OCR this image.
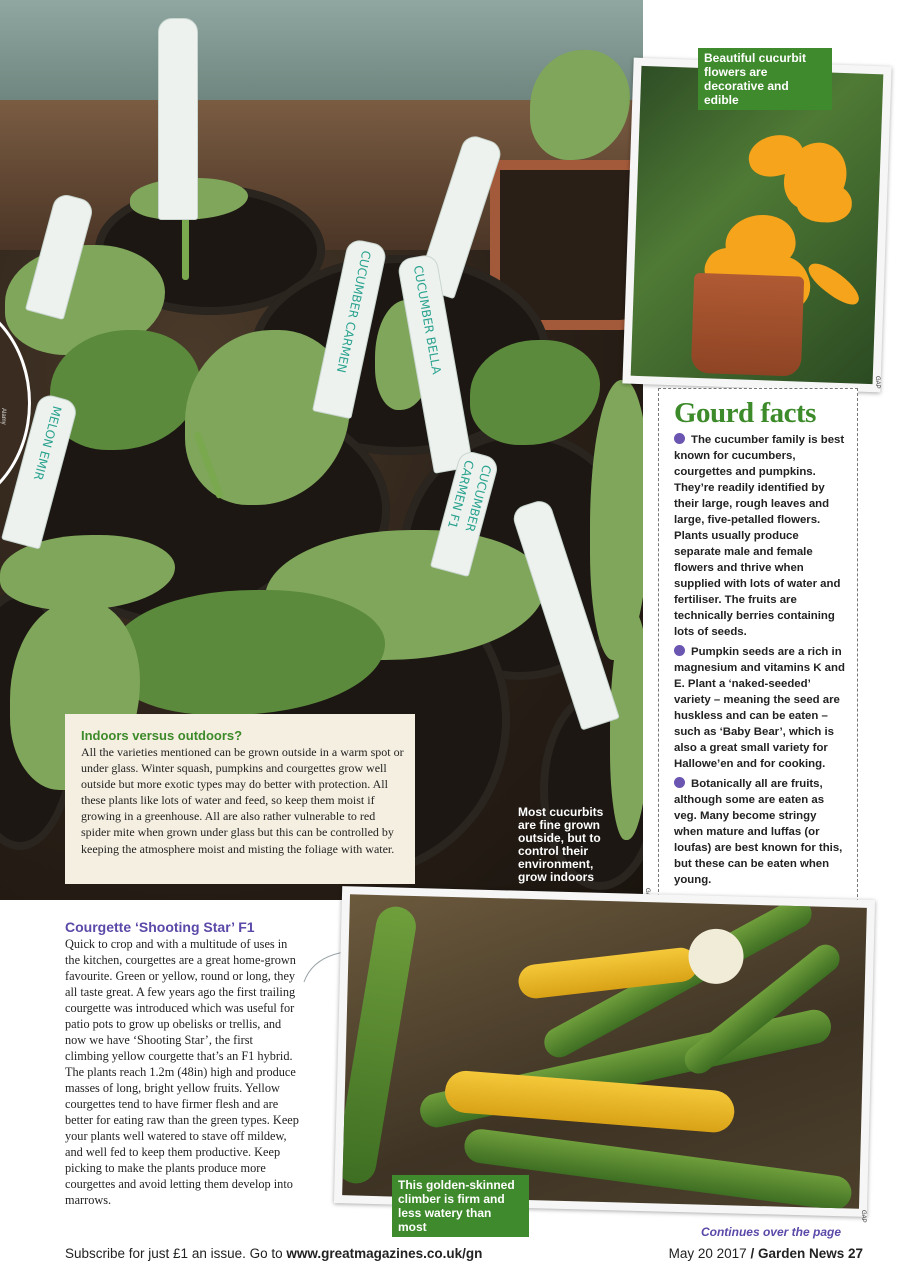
MELON EMIR
CUCUMBER CARMEN	CUCUMBER BELLA
CUCUMBER CARMEN F1
Indoors versus outdoors?

All the varieties mentioned can be grown outside in a warm spot or under glass. Winter squash, pumpkins and courgettes grow well outside but more exotic types may do better with protection. All these plants like lots of water and feed, so keep them moist if growing in a greenhouse. All are also rather vulnerable to red spider mite when grown under glass but this can be controlled by keeping the atmosphere moist and misting the foliage with water.

Most cucurbits are fine grown outside, but to control their environment, grow indoors
Alamy
Beautiful cucurbit flowers are decorative and edible
GAP
Gourd facts
The cucumber family is best known for cucumbers, courgettes and pumpkins. They’re readily identified by their large, rough leaves and large, five-petalled flowers. Plants usually produce separate male and female flowers and thrive when supplied with lots of water and fertiliser. The fruits are technically berries containing lots of seeds.
Pumpkin seeds are a rich in magnesium and vitamins K and E. Plant a ‘naked-seeded’ variety – meaning the seed are huskless and can be eaten – such as ‘Baby Bear’, which is also a great small variety for Hallowe’en and for cooking.
Botanically all are fruits, although some are eaten as veg. Many become stringy when mature and luffas (or loufas) are best known for this, but these can be eaten when young.
Courgette ‘Shooting Star’ F1

Quick to crop and with a multitude of uses in the kitchen, courgettes are a great home-grown favourite. Green or yellow, round or long, they all taste great. A few years ago the first trailing courgette was introduced which was useful for patio pots to grow up obelisks or trellis, and now we have ‘Shooting Star’, the first climbing yellow courgette that’s an F1 hybrid. The plants reach 1.2m (48in) high and produce masses of long, bright yellow fruits. Yellow courgettes tend to have firmer flesh and are better for eating raw than the green types. Keep your plants well watered to stave off mildew, and well fed to keep them productive. Keep picking to make the plants produce more courgettes and avoid letting them develop into marrows.

This golden-skinned climber is firm and less watery than most
GAP
Continues over the page
Subscribe for just £1 an issue. Go to www.greatmagazines.co.uk/gn	May 20 2017 / Garden News 27
